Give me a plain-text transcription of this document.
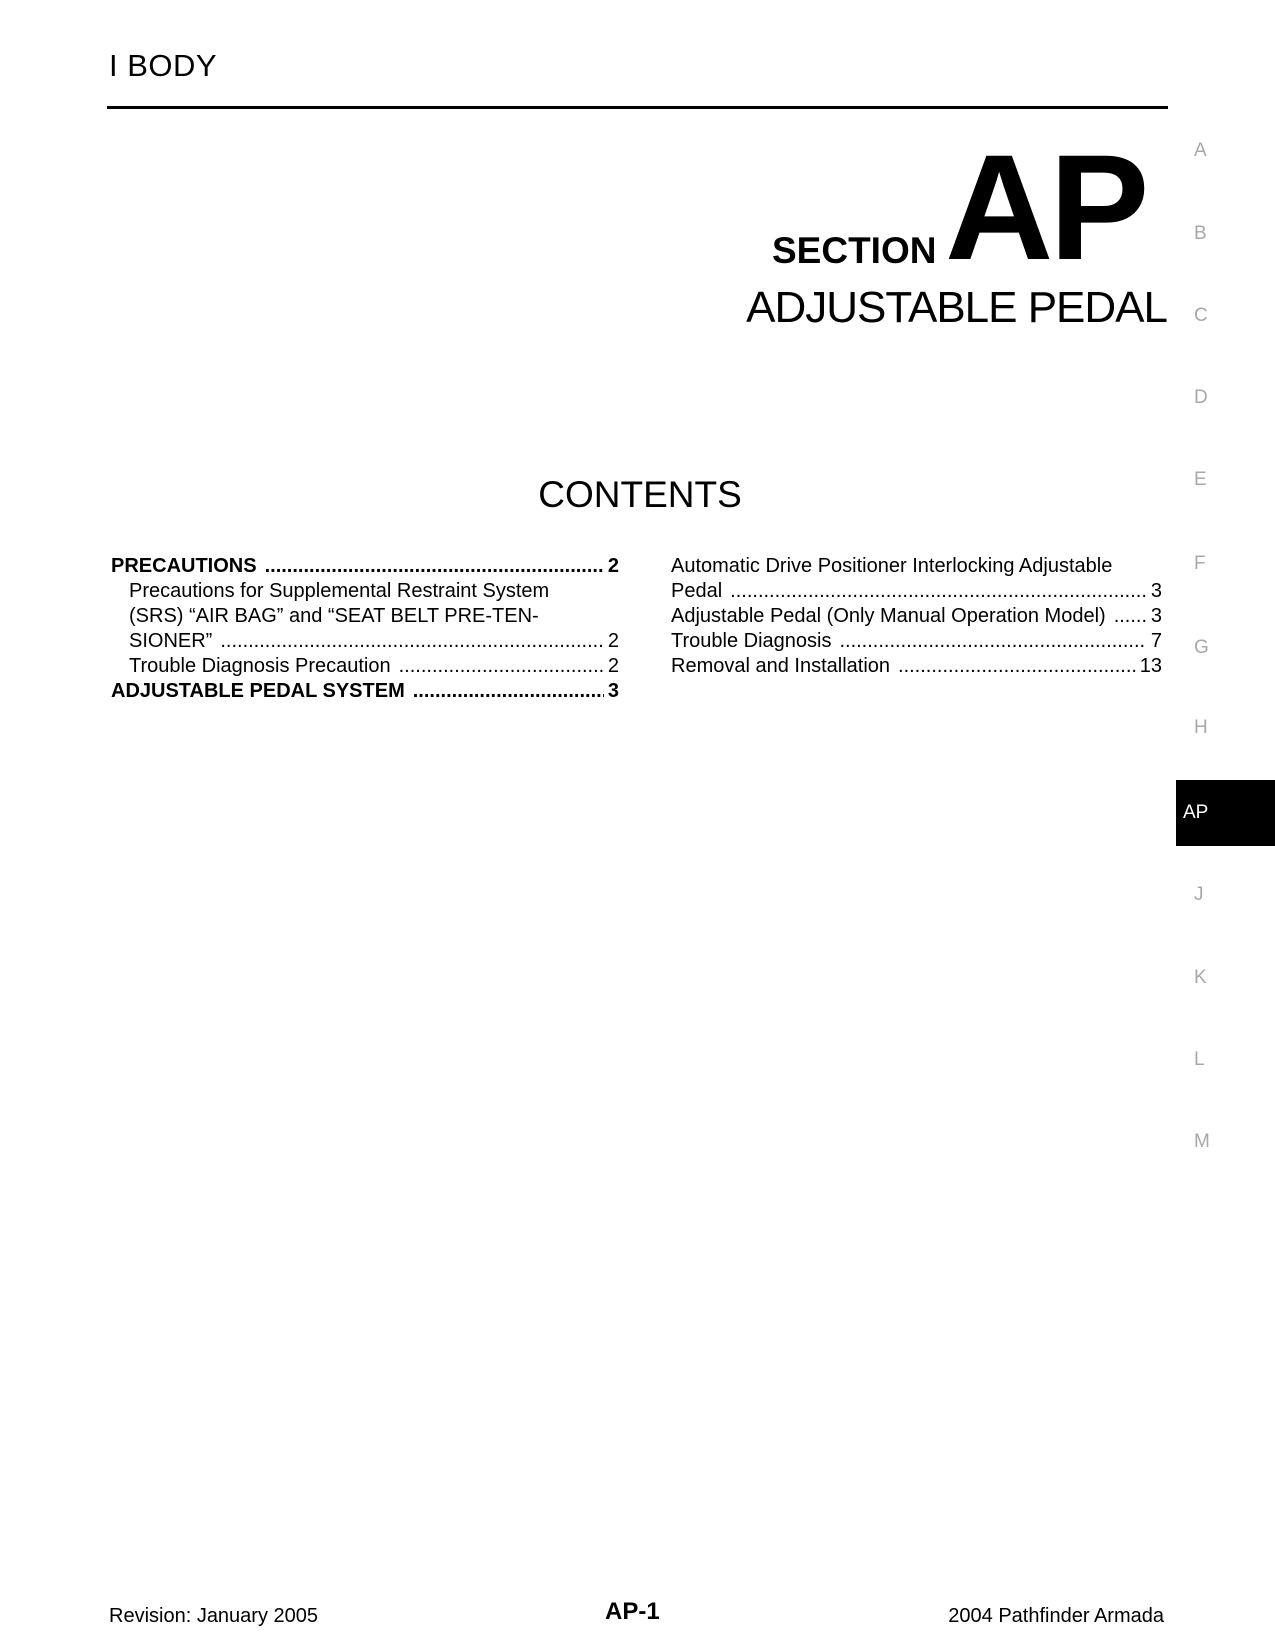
I BODY
SECTION AP
ADJUSTABLE PEDAL
CONTENTS
PRECAUTIONS .....	2
Precautions for Supplemental Restraint System
(SRS) “AIR BAG” and “SEAT BELT PRE-TEN-
SIONER” .....	2
Trouble Diagnosis Precaution .....	2
ADJUSTABLE PEDAL SYSTEM .....	3
Automatic Drive Positioner Interlocking Adjustable
Pedal .....	3
Adjustable Pedal (Only Manual Operation Model) ..... 3
Trouble Diagnosis .....	7
Removal and Installation .....	13
A
B
C
D
E
F
G
H
AP
J
K
L
M
Revision: January 2005	AP-1	2004 Pathfinder Armada
